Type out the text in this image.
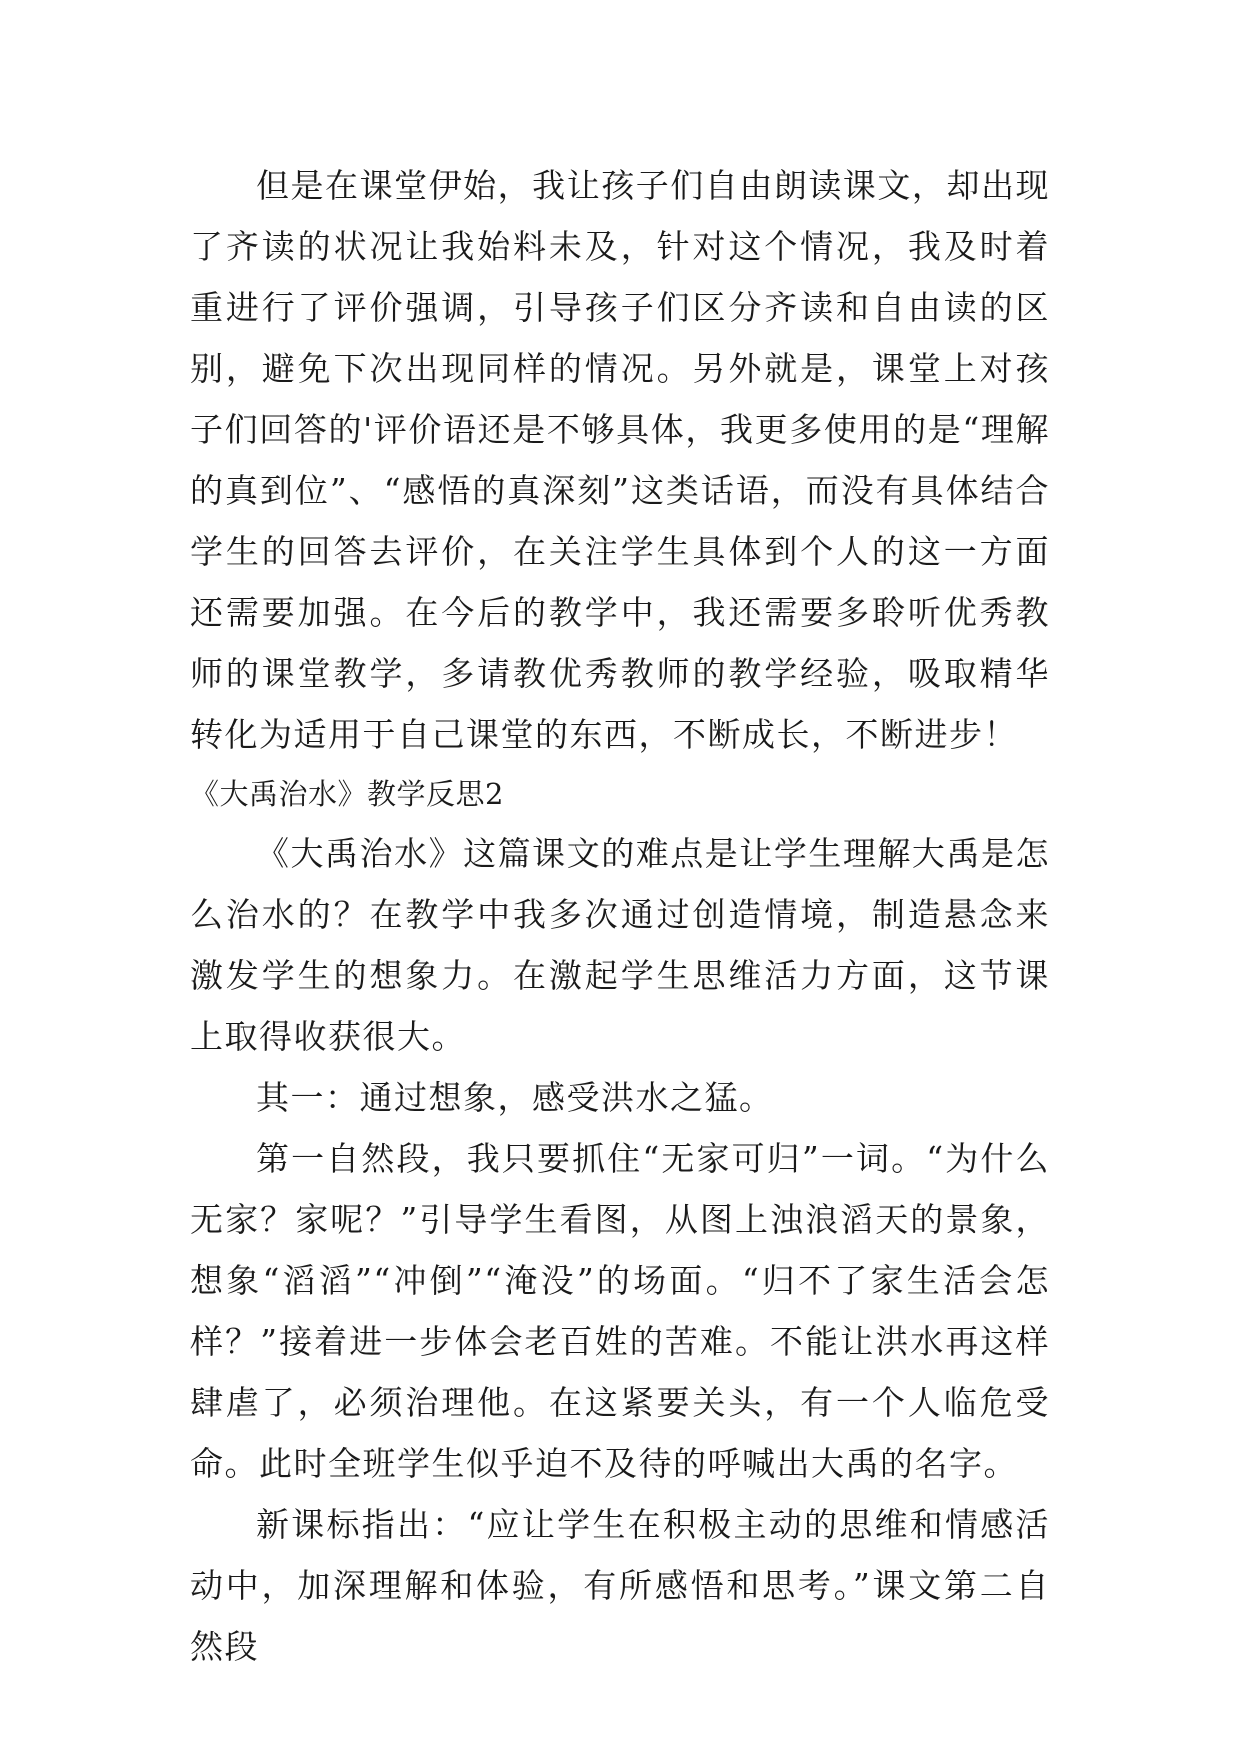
但是在课堂伊始，我让孩子们自由朗读课文，却出现了齐读的状况让我始料未及，针对这个情况，我及时着重进行了评价强调，引导孩子们区分齐读和自由读的区别，避免下次出现同样的情况。另外就是，课堂上对孩子们回答的'评价语还是不够具体，我更多使用的是“理解的真到位”、“感悟的真深刻”这类话语，而没有具体结合学生的回答去评价，在关注学生具体到个人的这一方面还需要加强。在今后的教学中，我还需要多聆听优秀教师的课堂教学，多请教优秀教师的教学经验，吸取精华转化为适用于自己课堂的东西，不断成长，不断进步！

《大禹治水》教学反思2

《大禹治水》这篇课文的难点是让学生理解大禹是怎么治水的？在教学中我多次通过创造情境，制造悬念来激发学生的想象力。在激起学生思维活力方面，这节课上取得收获很大。

其一：通过想象，感受洪水之猛。

第一自然段，我只要抓住“无家可归”一词。“为什么无家？家呢？”引导学生看图，从图上浊浪滔天的景象，想象“滔滔”“冲倒”“淹没”的场面。“归不了家生活会怎样？”接着进一步体会老百姓的苦难。不能让洪水再这样肆虐了，必须治理他。在这紧要关头，有一个人临危受命。此时全班学生似乎迫不及待的呼喊出大禹的名字。

新课标指出：“应让学生在积极主动的思维和情感活动中，加深理解和体验，有所感悟和思考。”课文第二自然段
